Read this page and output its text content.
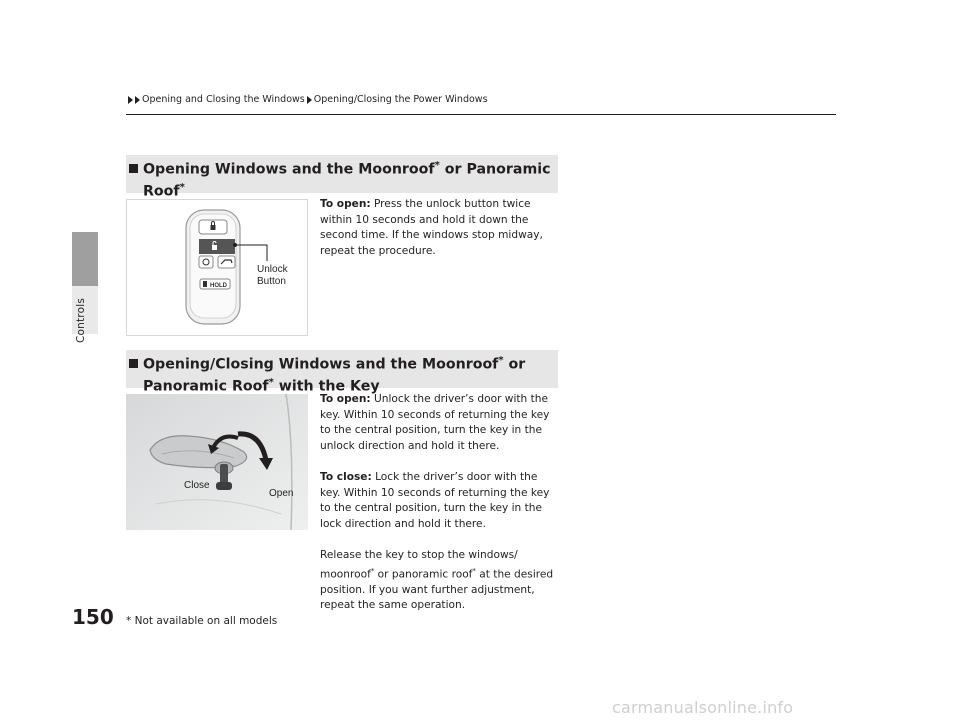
Controls
Opening and Closing the Windows Opening/Closing the Power Windows
Opening Windows and the Moonroof* or Panoramic Roof*

HOLD
Unlock Button

To open: Press the unlock button twice within 10 seconds and hold it down the second time. If the windows stop midway, repeat the procedure.

Opening/Closing Windows and the Moonroof* or
Panoramic Roof* with the Key
Close
Open

To open: Unlock the driver’s door with the key. Within 10 seconds of returning the key to the central position, turn the key in the unlock direction and hold it there.

To close: Lock the driver’s door with the key. Within 10 seconds of returning the key to the central position, turn the key in the lock direction and hold it there.

Release the key to stop the windows/ moonroof* or panoramic roof* at the desired position. If you want further adjustment, repeat the same operation.

150 * Not available on all models
carmanualsonline.info
